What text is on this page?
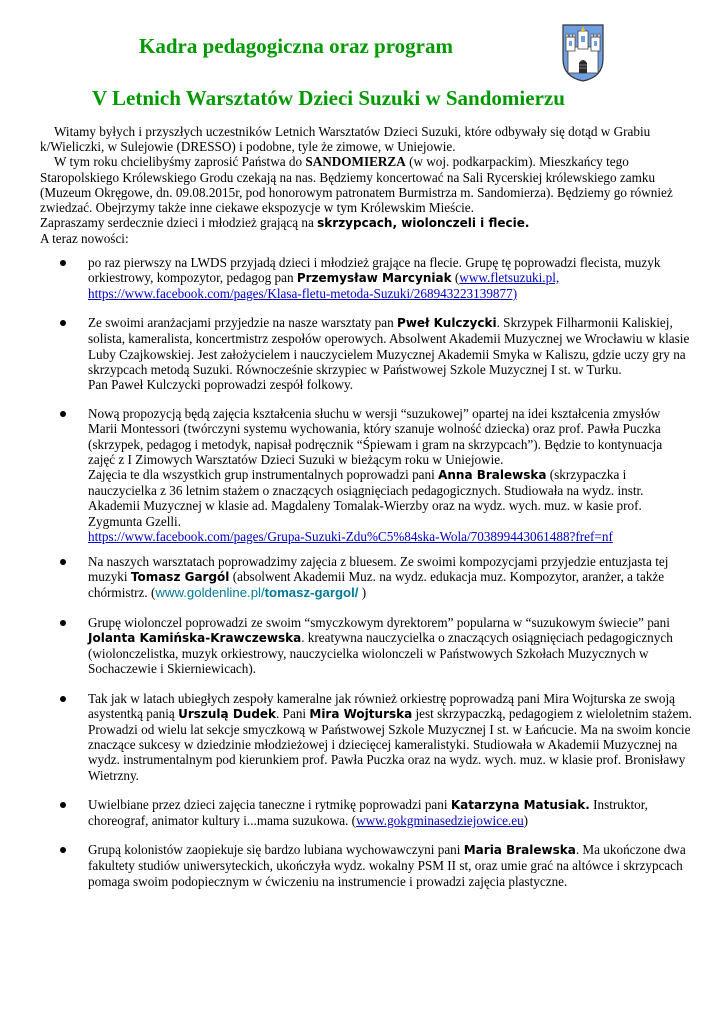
Kadra pedagogiczna oraz program
V Letnich Warsztatów Dzieci Suzuki w Sandomierzu

Witamy byłych i przyszłych uczestników Letnich Warsztatów Dzieci Suzuki, które odbywały się dotąd w Grabiu k/Wieliczki, w Sulejowie (DRESSO) i podobne, tyle że zimowe, w Uniejowie.

W tym roku chcielibyśmy zaprosić Państwa do SANDOMIERZA (w woj. podkarpackim). Mieszkańcy tego Staropolskiego Królewskiego Grodu czekają na nas. Będziemy koncertować na Sali Rycerskiej królewskiego zamku (Muzeum Okręgowe, dn. 09.08.2015r, pod honorowym patronatem Burmistrza m. Sandomierza). Będziemy go również zwiedzać. Obejrzymy także inne ciekawe ekspozycje w tym Królewskim Mieście.

Zapraszamy serdecznie dzieci i młodzież grającą na skrzypcach, wiolonczeli i flecie.

A teraz nowości:

po raz pierwszy na LWDS przyjadą dzieci i młodzież grające na flecie. Grupę tę poprowadzi flecista, muzyk orkiestrowy, kompozytor, pedagog pan Przemysław Marcyniak (www.fletsuzuki.pl,
https://www.facebook.com/pages/Klasa-fletu-metoda-Suzuki/268943223139877)
Ze swoimi aranżacjami przyjedzie na nasze warsztaty pan Pweł Kulczycki. Skrzypek Filharmonii Kaliskiej, solista, kameralista, koncertmistrz zespołów operowych. Absolwent Akademii Muzycznej we Wrocławiu w klasie Luby Czajkowskiej. Jest założycielem i nauczycielem Muzycznej Akademii Smyka w Kaliszu, gdzie uczy gry na skrzypcach metodą Suzuki. Równocześnie skrzypiec w Państwowej Szkole Muzycznej I st. w Turku.
Pan Paweł Kulczycki poprowadzi zespół folkowy.
Nową propozycją będą zajęcia kształcenia słuchu w wersji “suzukowej” opartej na idei kształcenia zmysłów Marii Montessori (twórczyni systemu wychowania, który szanuje wolność dziecka) oraz prof. Pawła Puczka (skrzypek, pedagog i metodyk, napisał podręcznik “Śpiewam i gram na skrzypcach”). Będzie to kontynuacja zajęć z I Zimowych Warsztatów Dzieci Suzuki w bieżącym roku w Uniejowie.

Zajęcia te dla wszystkich grup instrumentalnych poprowadzi pani Anna Bralewska (skrzypaczka i nauczycielka z 36 letnim stażem o znaczących osiągnięciach pedagogicznych. Studiowała na wydz. instr. Akademii Muzycznej w klasie ad. Magdaleny Tomalak-Wierzby oraz na wydz. wych. muz. w kasie prof. Zygmunta Gzelli.
https://www.facebook.com/pages/Grupa-Suzuki-Zdu%C5%84ska-Wola/703899443061488?fref=nf

Na naszych warsztatach poprowadzimy zajęcia z bluesem. Ze swoimi kompozycjami przyjedzie entuzjasta tej muzyki Tomasz Gargól (absolwent Akademii Muz. na wydz. edukacja muz. Kompozytor, aranżer, a także chórmistrz. (www.goldenline.pl/tomasz-gargol/ )
Grupę wiolonczel poprowadzi ze swoim “smyczkowym dyrektorem” popularna w “suzukowym świecie” pani Jolanta Kamińska-Krawczewska. kreatywna nauczycielka o znaczących osiągnięciach pedagogicznych (wiolonczelistka, muzyk orkiestrowy, nauczycielka wiolonczeli w Państwowych Szkołach Muzycznych w Sochaczewie i Skierniewicach).
Tak jak w latach ubiegłych zespoły kameralne jak również orkiestrę poprowadzą pani Mira Wojturska ze swoją asystentką panią Urszulą Dudek. Pani Mira Wojturska jest skrzypaczką, pedagogiem z wieloletnim stażem. Prowadzi od wielu lat sekcje smyczkową w Państwowej Szkole Muzycznej I st. w Łańcucie. Ma na swoim koncie znaczące sukcesy w dziedzinie młodzieżowej i dziecięcej kameralistyki. Studiowała w Akademii Muzycznej na wydz. instrumentalnym pod kierunkiem prof. Pawła Puczka oraz na wydz. wych. muz. w klasie prof. Bronisławy Wietrzny.
Uwielbiane przez dzieci zajęcia taneczne i rytmikę poprowadzi pani Katarzyna Matusiak. Instruktor, choreograf, animator kultury i...mama suzukowa. (www.gokgminasedziejowice.eu)
Grupą kolonistów zaopiekuje się bardzo lubiana wychowawczyni pani Maria Bralewska. Ma ukończone dwa fakultety studiów uniwersyteckich, ukończyła wydz. wokalny PSM II st, oraz umie grać na altówce i skrzypcach pomaga swoim podopiecznym w ćwiczeniu na instrumencie i prowadzi zajęcia plastyczne.
